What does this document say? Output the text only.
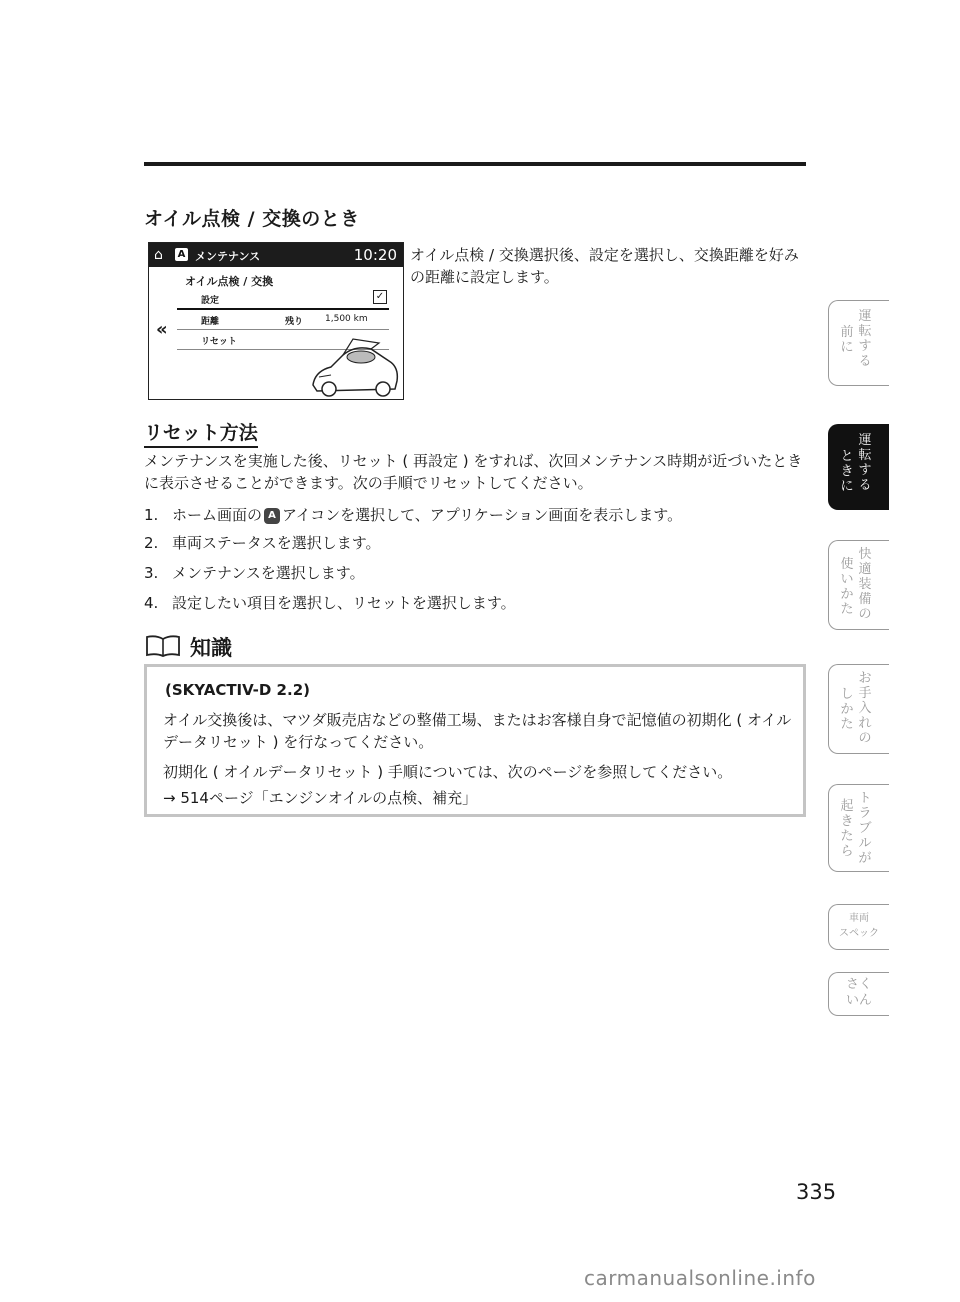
オイル点検 / 交換のとき
⌂ A メンテナンス	10:20
オイル点検 / 交換
«
設定	✓
距離	残り 1,500 km
リセット
オイル点検 / 交換選択後、設定を選択し、交換距離を好みの距離に設定します。
リセット方法
メンテナンスを実施した後、リセット ( 再設定 ) をすれば、次回メンテナンス時期が近づいたときに表示させることができます。次の手順でリセットしてください。
1. ホーム画面の A アイコンを選択して、アプリケーション画面を表示します。
2. 車両ステータスを選択します。
3. メンテナンスを選択します。
4. 設定したい項目を選択し、リセットを選択します。
知識
(SKYACTIV-D 2.2)
オイル交換後は、マツダ販売店などの整備工場、またはお客様自身で記憶値の初期化 ( オイルデータリセット ) を行なってください。
初期化 ( オイルデータリセット ) 手順については、次のページを参照してください。
→ 514ページ「エンジンオイルの点検、補充」
運
転
す
る
前
に
運
転
す
る
と
き
に
快
適
装
備
の
使
い
か
た
お
手
入
れ
の
し
か
た
ト
ラ
ブ
ル
が
起
き
た
ら
車両
スペック
さく
いん
335
carmanualsonline.info
